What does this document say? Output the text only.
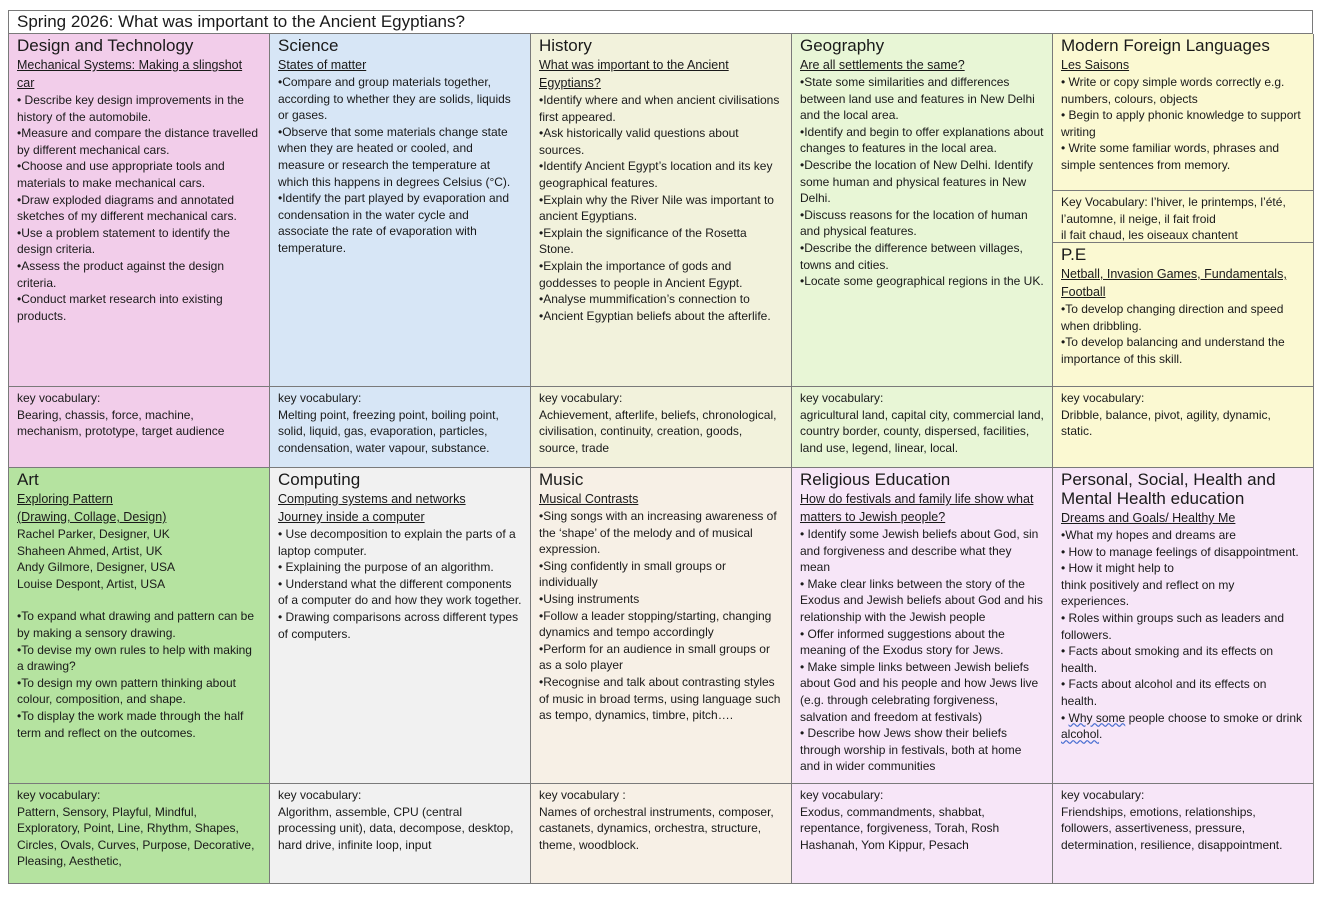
Spring 2026: What was important to the Ancient Egyptians?
Design and Technology
Mechanical Systems: Making a slingshot car
• Describe key design improvements in the history of the automobile.
•Measure and compare the distance travelled by different mechanical cars.
•Choose and use appropriate tools and materials to make mechanical cars.
•Draw exploded diagrams and annotated sketches of my different mechanical cars.
•Use a problem statement to identify the design criteria.
•Assess the product against the design criteria.
•Conduct market research into existing products.
key vocabulary:
Bearing, chassis, force, machine, mechanism, prototype, target audience
Science
States of matter
•Compare and group materials together, according to whether they are solids, liquids or gases.
•Observe that some materials change state when they are heated or cooled, and measure or research the temperature at which this happens in degrees Celsius (°C).
•Identify the part played by evaporation and condensation in the water cycle and associate the rate of evaporation with temperature.
key vocabulary:
Melting point, freezing point, boiling point, solid, liquid, gas, evaporation, particles, condensation, water vapour, substance.
History
What was important to the Ancient Egyptians?
•Identify where and when ancient civilisations first appeared.
•Ask historically valid questions about sources.
•Identify Ancient Egypt’s location and its key geographical features.
•Explain why the River Nile was important to ancient Egyptians.
•Explain the significance of the Rosetta Stone.
•Explain the importance of gods and goddesses to people in Ancient Egypt.
•Analyse mummification’s connection to
•Ancient Egyptian beliefs about the afterlife.
key vocabulary:
Achievement, afterlife, beliefs, chronological, civilisation, continuity, creation, goods, source, trade
Geography
Are all settlements the same?
•State some similarities and differences between land use and features in New Delhi and the local area.
•Identify and begin to offer explanations about changes to features in the local area.
•Describe the location of New Delhi. Identify some human and physical features in New Delhi.
•Discuss reasons for the location of human and physical features.
•Describe the difference between villages, towns and cities.
•Locate some geographical regions in the UK.
key vocabulary:
agricultural land, capital city, commercial land, country border, county, dispersed, facilities, land use, legend, linear, local.
Modern Foreign Languages
Les Saisons
• Write or copy simple words correctly e.g. numbers, colours, objects
• Begin to apply phonic knowledge to support writing
• Write some familiar words, phrases and simple sentences from memory.
Key Vocabulary: l’hiver, le printemps, l’été, l’automne, il neige, il fait froid
il fait chaud, les oiseaux chantent
P.E
Netball, Invasion Games, Fundamentals, Football
•To develop changing direction and speed when dribbling.
•To develop balancing and understand the importance of this skill.
key vocabulary:
Dribble, balance, pivot, agility, dynamic, static.
Art
Exploring Pattern
(Drawing, Collage, Design)
Rachel Parker, Designer, UK
Shaheen Ahmed, Artist, UK
Andy Gilmore, Designer, USA
Louise Despont, Artist, USA
•To expand what drawing and pattern can be by making a sensory drawing.
•To devise my own rules to help with making a drawing?
•To design my own pattern thinking about colour, composition, and shape.
•To display the work made through the half term and reflect on the outcomes.
key vocabulary:
Pattern, Sensory, Playful, Mindful, Exploratory, Point, Line, Rhythm, Shapes, Circles, Ovals, Curves, Purpose, Decorative, Pleasing, Aesthetic,
Computing
Computing systems and networks
Journey inside a computer
• Use decomposition to explain the parts of a laptop computer.
• Explaining the purpose of an algorithm.
• Understand what the different components of a computer do and how they work together.
• Drawing comparisons across different types of computers.
key vocabulary:
Algorithm, assemble, CPU (central processing unit), data, decompose, desktop, hard drive, infinite loop, input
Music
Musical Contrasts
•Sing songs with an increasing awareness of the ‘shape’ of the melody and of musical expression.
•Sing confidently in small groups or individually
•Using instruments
•Follow a leader stopping/starting, changing dynamics and tempo accordingly
•Perform for an audience in small groups or as a solo player
•Recognise and talk about contrasting styles of music in broad terms, using language such as tempo, dynamics, timbre, pitch….
key vocabulary :
Names of orchestral instruments, composer, castanets, dynamics, orchestra, structure, theme, woodblock.
Religious Education
How do festivals and family life show what matters to Jewish people?
• Identify some Jewish beliefs about God, sin and forgiveness and describe what they mean
• Make clear links between the story of the Exodus and Jewish beliefs about God and his relationship with the Jewish people
• Offer informed suggestions about the meaning of the Exodus story for Jews.
• Make simple links between Jewish beliefs about God and his people and how Jews live (e.g. through celebrating forgiveness, salvation and freedom at festivals)
• Describe how Jews show their beliefs through worship in festivals, both at home and in wider communities
key vocabulary:
Exodus, commandments, shabbat, repentance, forgiveness, Torah, Rosh Hashanah, Yom Kippur, Pesach
Personal, Social, Health and Mental Health education
Dreams and Goals/ Healthy Me
•What my hopes and dreams are
• How to manage feelings of disappointment.
• How it might help to
think positively and reflect on my experiences.
• Roles within groups such as leaders and followers.
• Facts about smoking and its effects on health.
• Facts about alcohol and its effects on health.
• Why some people choose to smoke or drink alcohol.
key vocabulary:
Friendships, emotions, relationships, followers, assertiveness, pressure, determination, resilience, disappointment.
